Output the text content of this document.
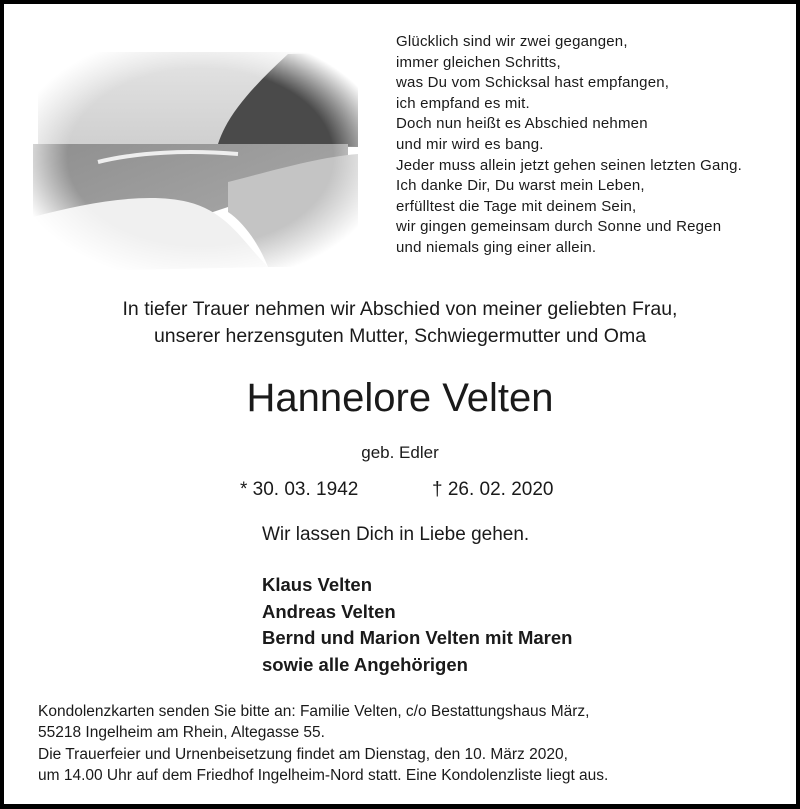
Glücklich sind wir zwei gegangen,
immer gleichen Schritts,
was Du vom Schicksal hast empfangen,
ich empfand es mit.
Doch nun heißt es Abschied nehmen
und mir wird es bang.
Jeder muss allein jetzt gehen seinen letzten Gang.
Ich danke Dir, Du warst mein Leben,
erfülltest die Tage mit deinem Sein,
wir gingen gemeinsam durch Sonne und Regen
und niemals ging einer allein.
In tiefer Trauer nehmen wir Abschied von meiner geliebten Frau,
unserer herzensguten Mutter, Schwiegermutter und Oma
Hannelore Velten
geb. Edler
* 30. 03. 1942	† 26. 02. 2020
Wir lassen Dich in Liebe gehen.
Klaus Velten
Andreas Velten
Bernd und Marion Velten mit Maren
sowie alle Angehörigen
Kondolenzkarten senden Sie bitte an: Familie Velten, c/o Bestattungshaus März,
55218 Ingelheim am Rhein, Altegasse 55.
Die Trauerfeier und Urnenbeisetzung findet am Dienstag, den 10. März 2020,
um 14.00 Uhr auf dem Friedhof Ingelheim-Nord statt. Eine Kondolenzliste liegt aus.
